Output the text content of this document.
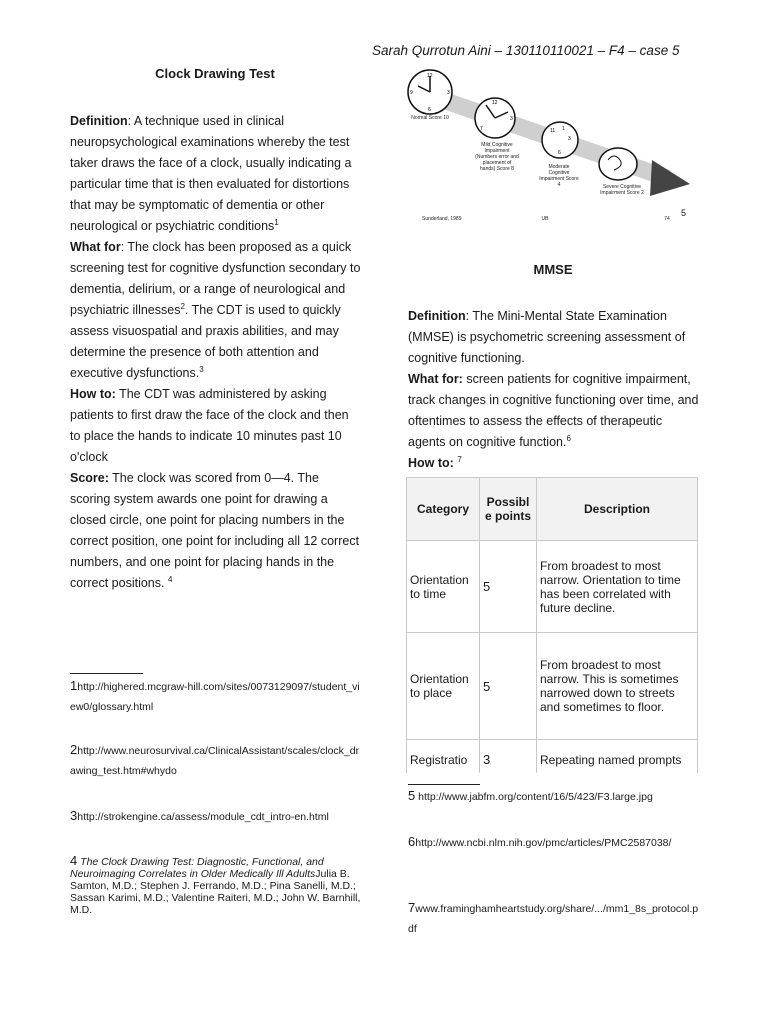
Sarah Qurrotun Aini – 130110110021 – F4 – case 5
Clock Drawing Test

Definition: A technique used in clinical neuropsychological examinations whereby the test taker draws the face of a clock, usually indicating a particular time that is then evaluated for distortions that may be symptomatic of dementia or other neurological or psychiatric conditions$^1$

What for: The clock has been proposed as a quick screening test for cognitive dysfunction secondary to dementia, delirium, or a range of neurological and psychiatric illnesses$^2$. The CDT is used to quickly assess visuospatial and praxis abilities, and may determine the presence of both attention and executive dysfunctions.$^3$

How to: The CDT was administered by asking patients to first draw the face of the clock and then to place the hands to indicate 10 minutes past 10 o'clock

Score: The clock was scored from 0—4. The scoring system awards one point for drawing a closed circle, one point for placing numbers in the correct position, one point for including all 12 correct numbers, and one point for placing hands in the correct positions. $^4$

1http://highered.mcgraw-hill.com/sites/0073129097/student_view0/glossary.html
2http://www.neurosurvival.ca/ClinicalAssistant/scales/clock_drawing_test.htm#whydo
3http://strokengine.ca/assess/module_cdt_intro-en.html
4 The Clock Drawing Test: Diagnostic, Functional, and Neuroimaging Correlates in Older Medically Ill AdultsJulia B. Samton, M.D.; Stephen J. Ferrando, M.D.; Pina Sanelli, M.D.; Sassan Karimi, M.D.; Valentine Raiteri, M.D.; John W. Barnhill, M.D.
12
3
6
9
12
3
7	11 1
3
6
Normal Score 10
Mild Cognitive Impairment (Numbers error and placement of hands) Score 8	Moderate Cognitive Impairment Score 4	Severe Cognitive Impairment Score 2
Sunderland, 1989	UB	74
5
MMSE

Definition: The Mini-Mental State Examination (MMSE) is psychometric screening assessment of cognitive functioning.

What for: screen patients for cognitive impairment, track changes in cognitive functioning over time, and oftentimes to assess the effects of therapeutic agents on cognitive function.$^6$

How to: $^7$

Category	Possibl e points	Description
Orientation to time	5	From broadest to most narrow. Orientation to time has been correlated with future decline.
Orientation to place	5	From broadest to most narrow. This is sometimes narrowed down to streets and sometimes to floor.
Registratio	3	Repeating named prompts
5 http://www.jabfm.org/content/16/5/423/F3.large.jpg
6http://www.ncbi.nlm.nih.gov/pmc/articles/PMC2587038/
7www.framinghamheartstudy.org/share/.../mm1_8s_protocol.pdf
